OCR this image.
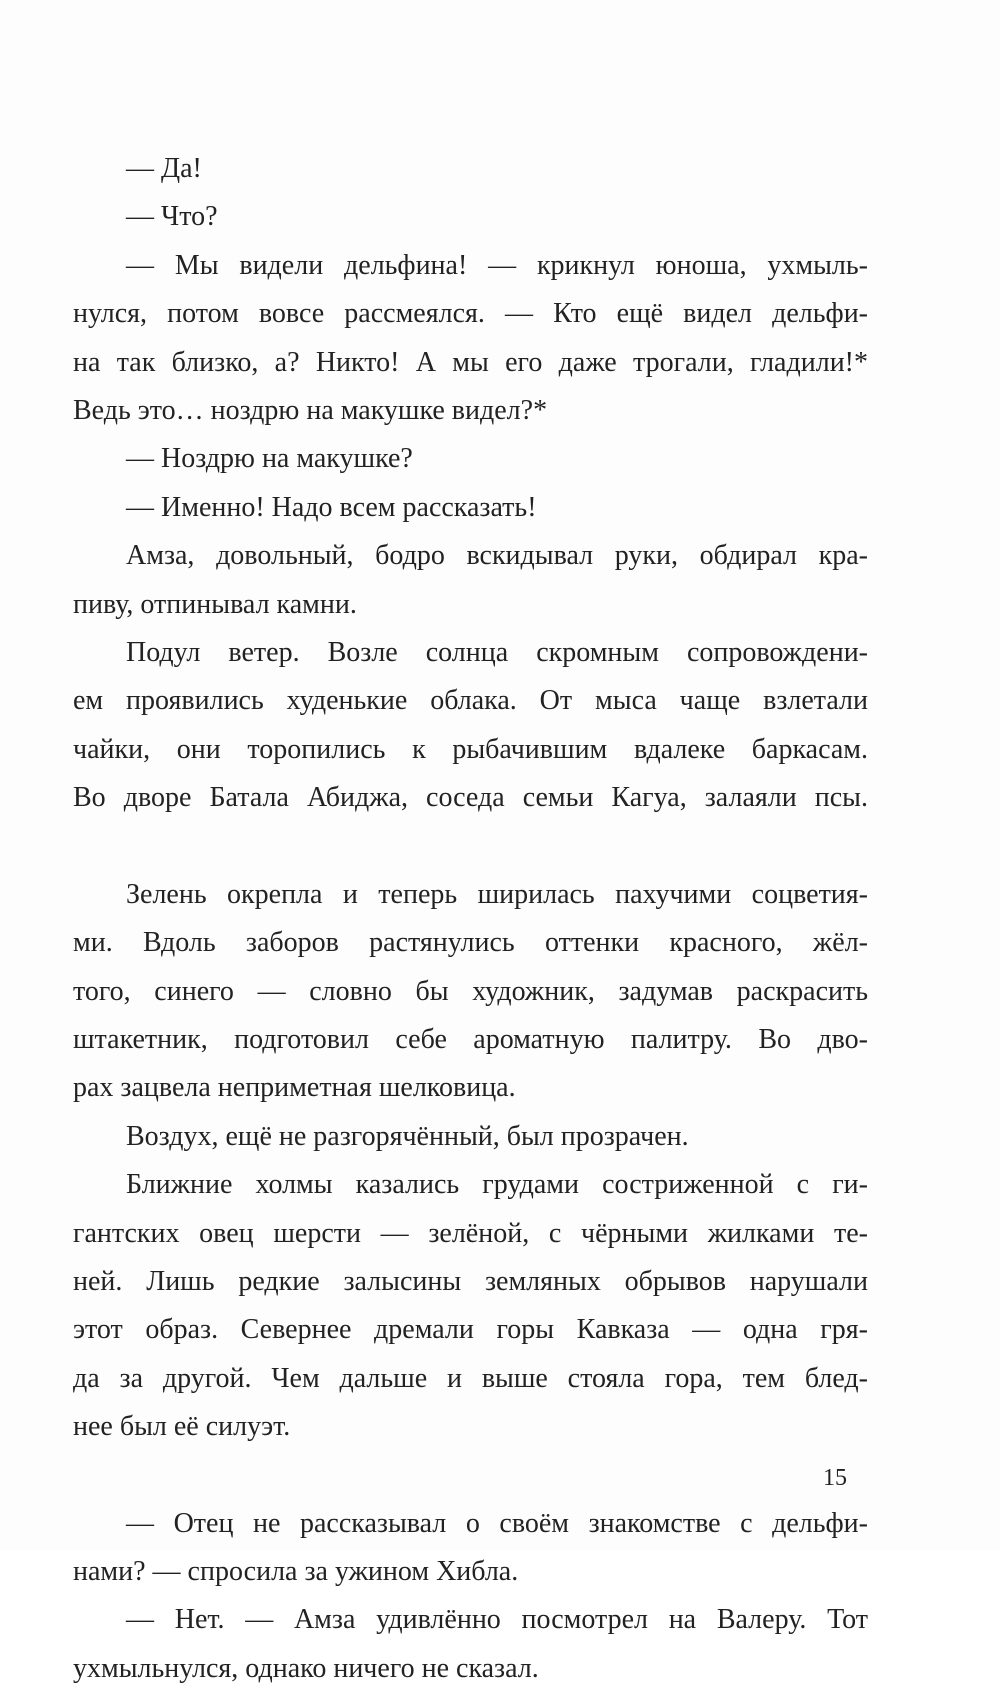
— Да!
— Что?
— Мы видели дельфина! — крикнул юноша, ухмыль-
нулся, потом вовсе рассмеялся. — Кто ещё видел дельфи-
на так близко, а? Никто! А мы его даже трогали, гладили!*
Ведь это… ноздрю на макушке видел?*
— Ноздрю на макушке?
— Именно! Надо всем рассказать!
Амза, довольный, бодро вскидывал руки, обдирал кра-
пиву, отпинывал камни.
Подул ветер. Возле солнца скромным сопровождени-
ем проявились худенькие облака. От мыса чаще взлетали
чайки, они торопились к рыбачившим вдалеке баркасам.
Во дворе Батала Абиджа, соседа семьи Кагуа, залаяли псы.
Зелень окрепла и теперь ширилась пахучими соцветия-
ми. Вдоль заборов растянулись оттенки красного, жёл-
того, синего — словно бы художник, задумав раскрасить
штакетник, подготовил себе ароматную палитру. Во дво-
рах зацвела неприметная шелковица.
Воздух, ещё не разгорячённый, был прозрачен.
Ближние холмы казались грудами состриженной с ги-
гантских овец шерсти — зелёной, с чёрными жилками те-
ней. Лишь редкие залысины земляных обрывов нарушали
этот образ. Севернее дремали горы Кавказа — одна гря-
да за другой. Чем дальше и выше стояла гора, тем блед-
нее был её силуэт.
— Отец не рассказывал о своём знакомстве с дельфи-
нами? — спросила за ужином Хибла.
— Нет. — Амза удивлённо посмотрел на Валеру. Тот
ухмыльнулся, однако ничего не сказал.
15
